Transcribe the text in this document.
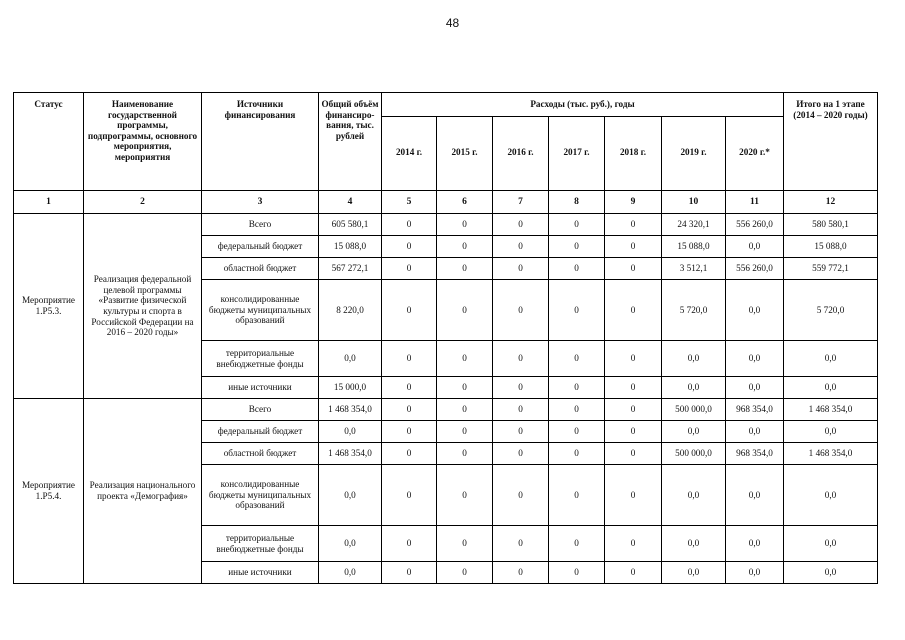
48
Статус	Наименование государственной программы, подпрограммы, основного мероприятия, мероприятия	Источники финансирования	Общий объём финансиро-вания, тыс. рублей	Расходы (тыс. руб.), годы							Итого на 1 этапе (2014 – 2020 годы)
				2014 г.	2015 г.	2016 г.	2017 г.	2018 г.	2019 г.	2020 г.*	
1	2	3	4	5	6	7	8	9	10	11	12
Мероприятие 1.Р5.3.	Реализация федеральной целевой программы «Развитие физической культуры и спорта в Российской Федерации на 2016 – 2020 годы»	Всего	605 580,1	0	0	0	0	0	24 320,1	556 260,0	580 580,1
		федеральный бюджет	15 088,0	0	0	0	0	0	15 088,0	0,0	15 088,0
		областной бюджет	567 272,1	0	0	0	0	0	3 512,1	556 260,0	559 772,1
		консолидированные бюджеты муниципальных образований	8 220,0	0	0	0	0	0	5 720,0	0,0	5 720,0
		территориальные внебюджетные фонды	0,0	0	0	0	0	0	0,0	0,0	0,0
		иные источники	15 000,0	0	0	0	0	0	0,0	0,0	0,0
Мероприятие 1.Р5.4.	Реализация национального проекта «Демография»	Всего	1 468 354,0	0	0	0	0	0	500 000,0	968 354,0	1 468 354,0
		федеральный бюджет	0,0	0	0	0	0	0	0,0	0,0	0,0
		областной бюджет	1 468 354,0	0	0	0	0	0	500 000,0	968 354,0	1 468 354,0
		консолидированные бюджеты муниципальных образований	0,0	0	0	0	0	0	0,0	0,0	0,0
		территориальные внебюджетные фонды	0,0	0	0	0	0	0	0,0	0,0	0,0
		иные источники	0,0	0	0	0	0	0	0,0	0,0	0,0
